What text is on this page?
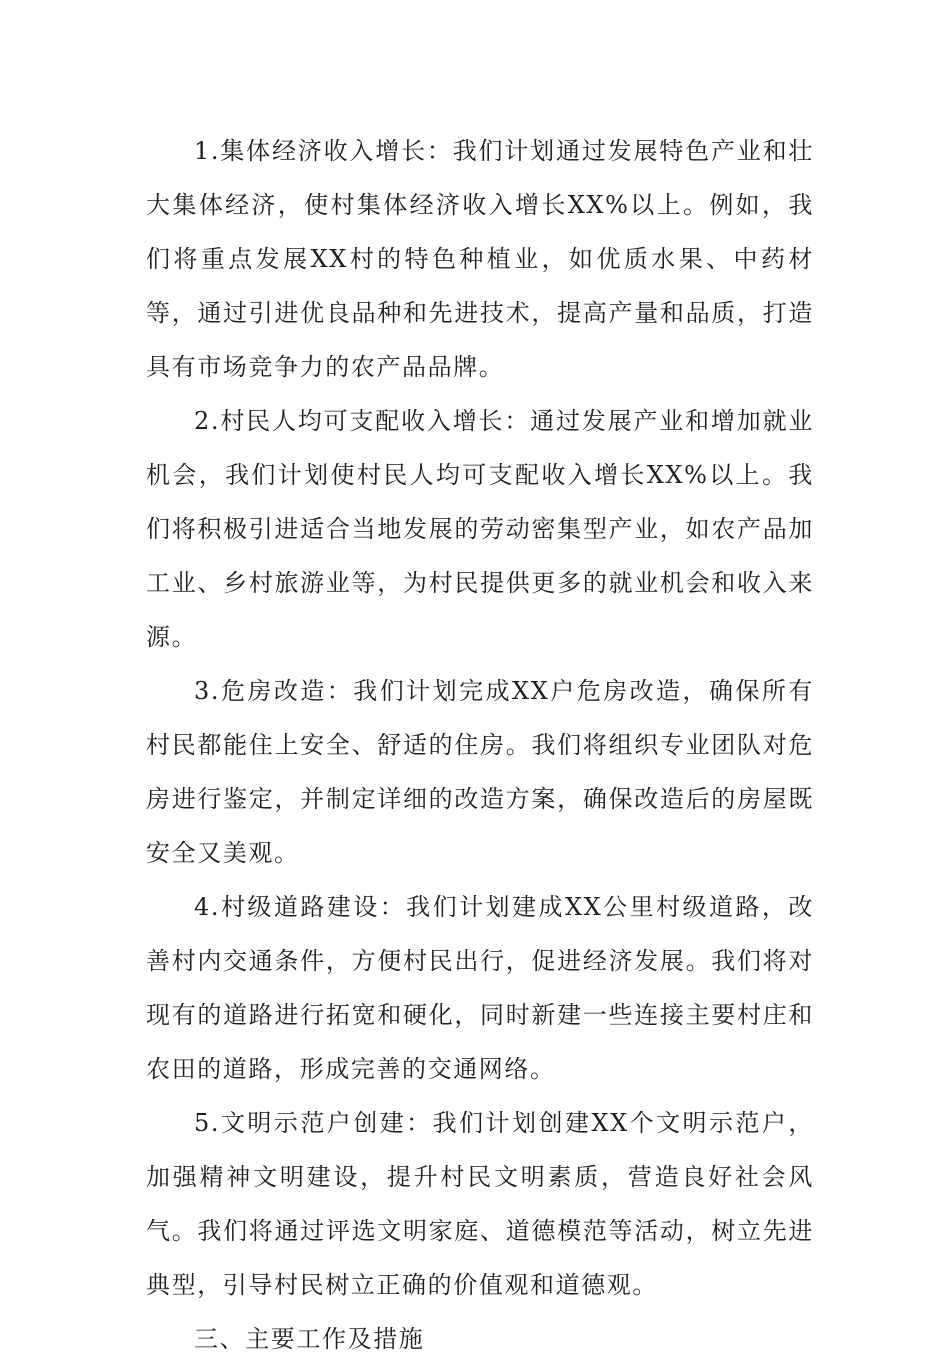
1.集体经济收入增长：我们计划通过发展特色产业和壮大集体经济，使村集体经济收入增长XX%以上。例如，我们将重点发展XX村的特色种植业，如优质水果、中药材等，通过引进优良品种和先进技术，提高产量和品质，打造具有市场竞争力的农产品品牌。

2.村民人均可支配收入增长：通过发展产业和增加就业机会，我们计划使村民人均可支配收入增长XX%以上。我们将积极引进适合当地发展的劳动密集型产业，如农产品加工业、乡村旅游业等，为村民提供更多的就业机会和收入来源。

3.危房改造：我们计划完成XX户危房改造，确保所有村民都能住上安全、舒适的住房。我们将组织专业团队对危房进行鉴定，并制定详细的改造方案，确保改造后的房屋既安全又美观。

4.村级道路建设：我们计划建成XX公里村级道路，改善村内交通条件，方便村民出行，促进经济发展。我们将对现有的道路进行拓宽和硬化，同时新建一些连接主要村庄和农田的道路，形成完善的交通网络。

5.文明示范户创建：我们计划创建XX个文明示范户，加强精神文明建设，提升村民文明素质，营造良好社会风气。我们将通过评选文明家庭、道德模范等活动，树立先进典型，引导村民树立正确的价值观和道德观。

三、主要工作及措施
